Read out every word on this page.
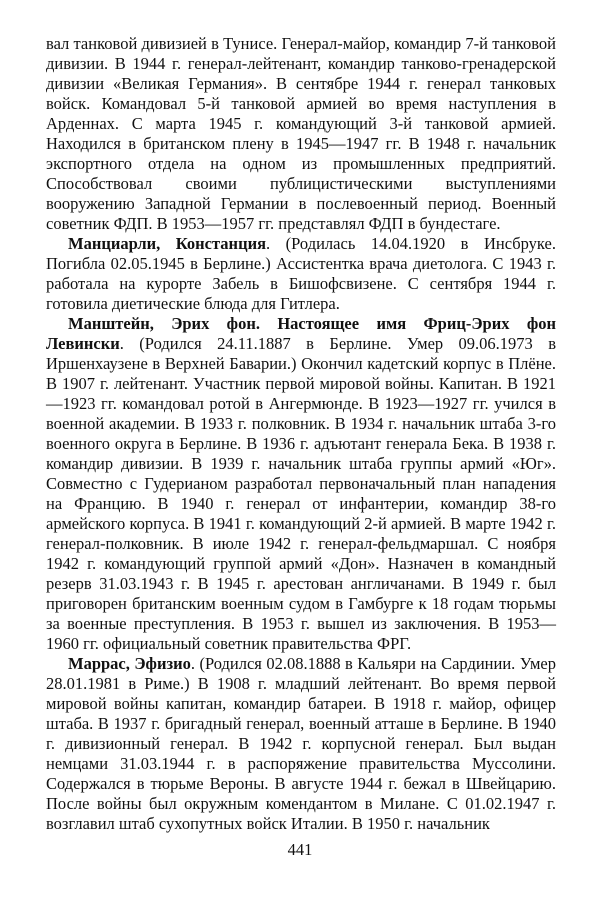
вал танковой дивизией в Тунисе. Генерал-майор, командир 7-й танковой дивизии. В 1944 г. генерал-лейтенант, командир танково-гренадерской дивизии «Великая Германия». В сентябре 1944 г. генерал танковых войск. Командовал 5-й танковой армией во время наступления в Арденнах. С марта 1945 г. командующий 3-й танковой армией. Находился в британском плену в 1945—1947 гг. В 1948 г. начальник экспортного отдела на одном из промышленных предприятий. Способствовал своими публицистическими выступлениями вооружению Западной Германии в послевоенный период. Военный советник ФДП. В 1953—1957 гг. представлял ФДП в бундестаге.

Манциарли, Констанция. (Родилась 14.04.1920 в Инсбруке. Погибла 02.05.1945 в Берлине.) Ассистентка врача диетолога. С 1943 г. работала на курорте Забель в Бишофсвизене. С сентября 1944 г. готовила диетические блюда для Гитлера.

Манштейн, Эрих фон. Настоящее имя Фриц-Эрих фон Левински. (Родился 24.11.1887 в Берлине. Умер 09.06.1973 в Иршенхаузене в Верхней Баварии.) Окончил кадетский корпус в Плёне. В 1907 г. лейтенант. Участник первой мировой войны. Капитан. В 1921—1923 гг. командовал ротой в Ангермюнде. В 1923—1927 гг. учился в военной академии. В 1933 г. полковник. В 1934 г. начальник штаба 3-го военного округа в Берлине. В 1936 г. адъютант генерала Бека. В 1938 г. командир дивизии. В 1939 г. начальник штаба группы армий «Юг». Совместно с Гудерианом разработал первоначальный план нападения на Францию. В 1940 г. генерал от инфантерии, командир 38-го армейского корпуса. В 1941 г. командующий 2-й армией. В марте 1942 г. генерал-полковник. В июле 1942 г. генерал-фельдмаршал. С ноября 1942 г. командующий группой армий «Дон». Назначен в командный резерв 31.03.1943 г. В 1945 г. арестован англичанами. В 1949 г. был приговорен британским военным судом в Гамбурге к 18 годам тюрьмы за военные преступления. В 1953 г. вышел из заключения. В 1953—1960 гг. официальный советник правительства ФРГ.

Маррас, Эфизио. (Родился 02.08.1888 в Кальяри на Сардинии. Умер 28.01.1981 в Риме.) В 1908 г. младший лейтенант. Во время первой мировой войны капитан, командир батареи. В 1918 г. майор, офицер штаба. В 1937 г. бригадный генерал, военный атташе в Берлине. В 1940 г. дивизионный генерал. В 1942 г. корпусной генерал. Был выдан немцами 31.03.1944 г. в распоряжение правительства Муссолини. Содержался в тюрьме Вероны. В августе 1944 г. бежал в Швейцарию. После войны был окружным комендантом в Милане. С 01.02.1947 г. возглавил штаб сухопутных войск Италии. В 1950 г. начальник

441
